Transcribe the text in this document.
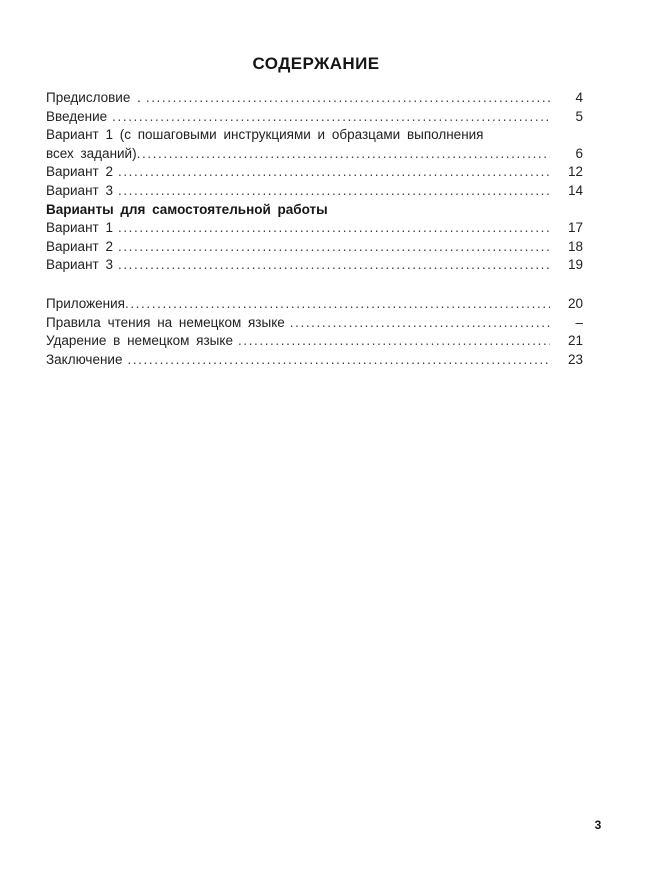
СОДЕРЖАНИЕ
Предисловие . .....	4
Введение .....	5
Вариант 1 (с пошаговыми инструкциями и образцами выполнения
всех заданий) .....	6
Вариант 2 .....	12
Вариант 3 .....	14
Варианты для самостоятельной работы
Вариант 1 .....	17
Вариант 2 .....	18
Вариант 3 .....	19
Приложения .....	20
Правила чтения на немецком языке .....	–
Ударение в немецком языке .....	21
Заключение .....	23
3
